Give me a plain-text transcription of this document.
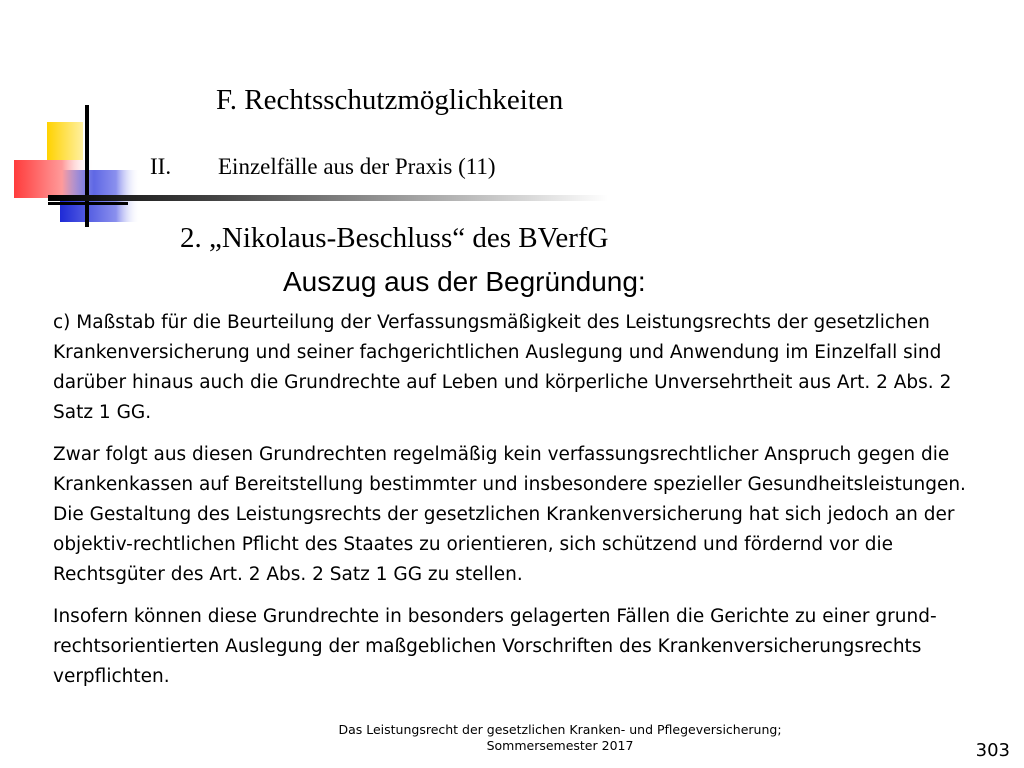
F. Rechtsschutzmöglichkeiten
II. Einzelfälle aus der Praxis (11)
2. „Nikolaus-Beschluss“ des BVerfG
Auszug aus der Begründung:

c) Maßstab für die Beurteilung der Verfassungsmäßigkeit des Leistungsrechts der gesetzlichen Krankenversicherung und seiner fachgerichtlichen Auslegung und Anwendung im Einzelfall sind darüber hinaus auch die Grundrechte auf Leben und körperliche Unversehrtheit aus Art. 2 Abs. 2 Satz 1 GG.

Zwar folgt aus diesen Grundrechten regelmäßig kein verfassungsrechtlicher Anspruch gegen die Krankenkassen auf Bereitstellung bestimmter und insbesondere spezieller Gesundheitsleistungen. Die Gestaltung des Leistungsrechts der gesetzlichen Krankenversicherung hat sich jedoch an der objektiv-rechtlichen Pflicht des Staates zu orientieren, sich schützend und fördernd vor die Rechtsgüter des Art. 2 Abs. 2 Satz 1 GG zu stellen.

Insofern können diese Grundrechte in besonders gelagerten Fällen die Gerichte zu einer grund-rechtsorientierten Auslegung der maßgeblichen Vorschriften des Krankenversicherungsrechts verpflichten.

Das Leistungsrecht der gesetzlichen Kranken- und Pflegeversicherung;
Sommersemester 2017	303
